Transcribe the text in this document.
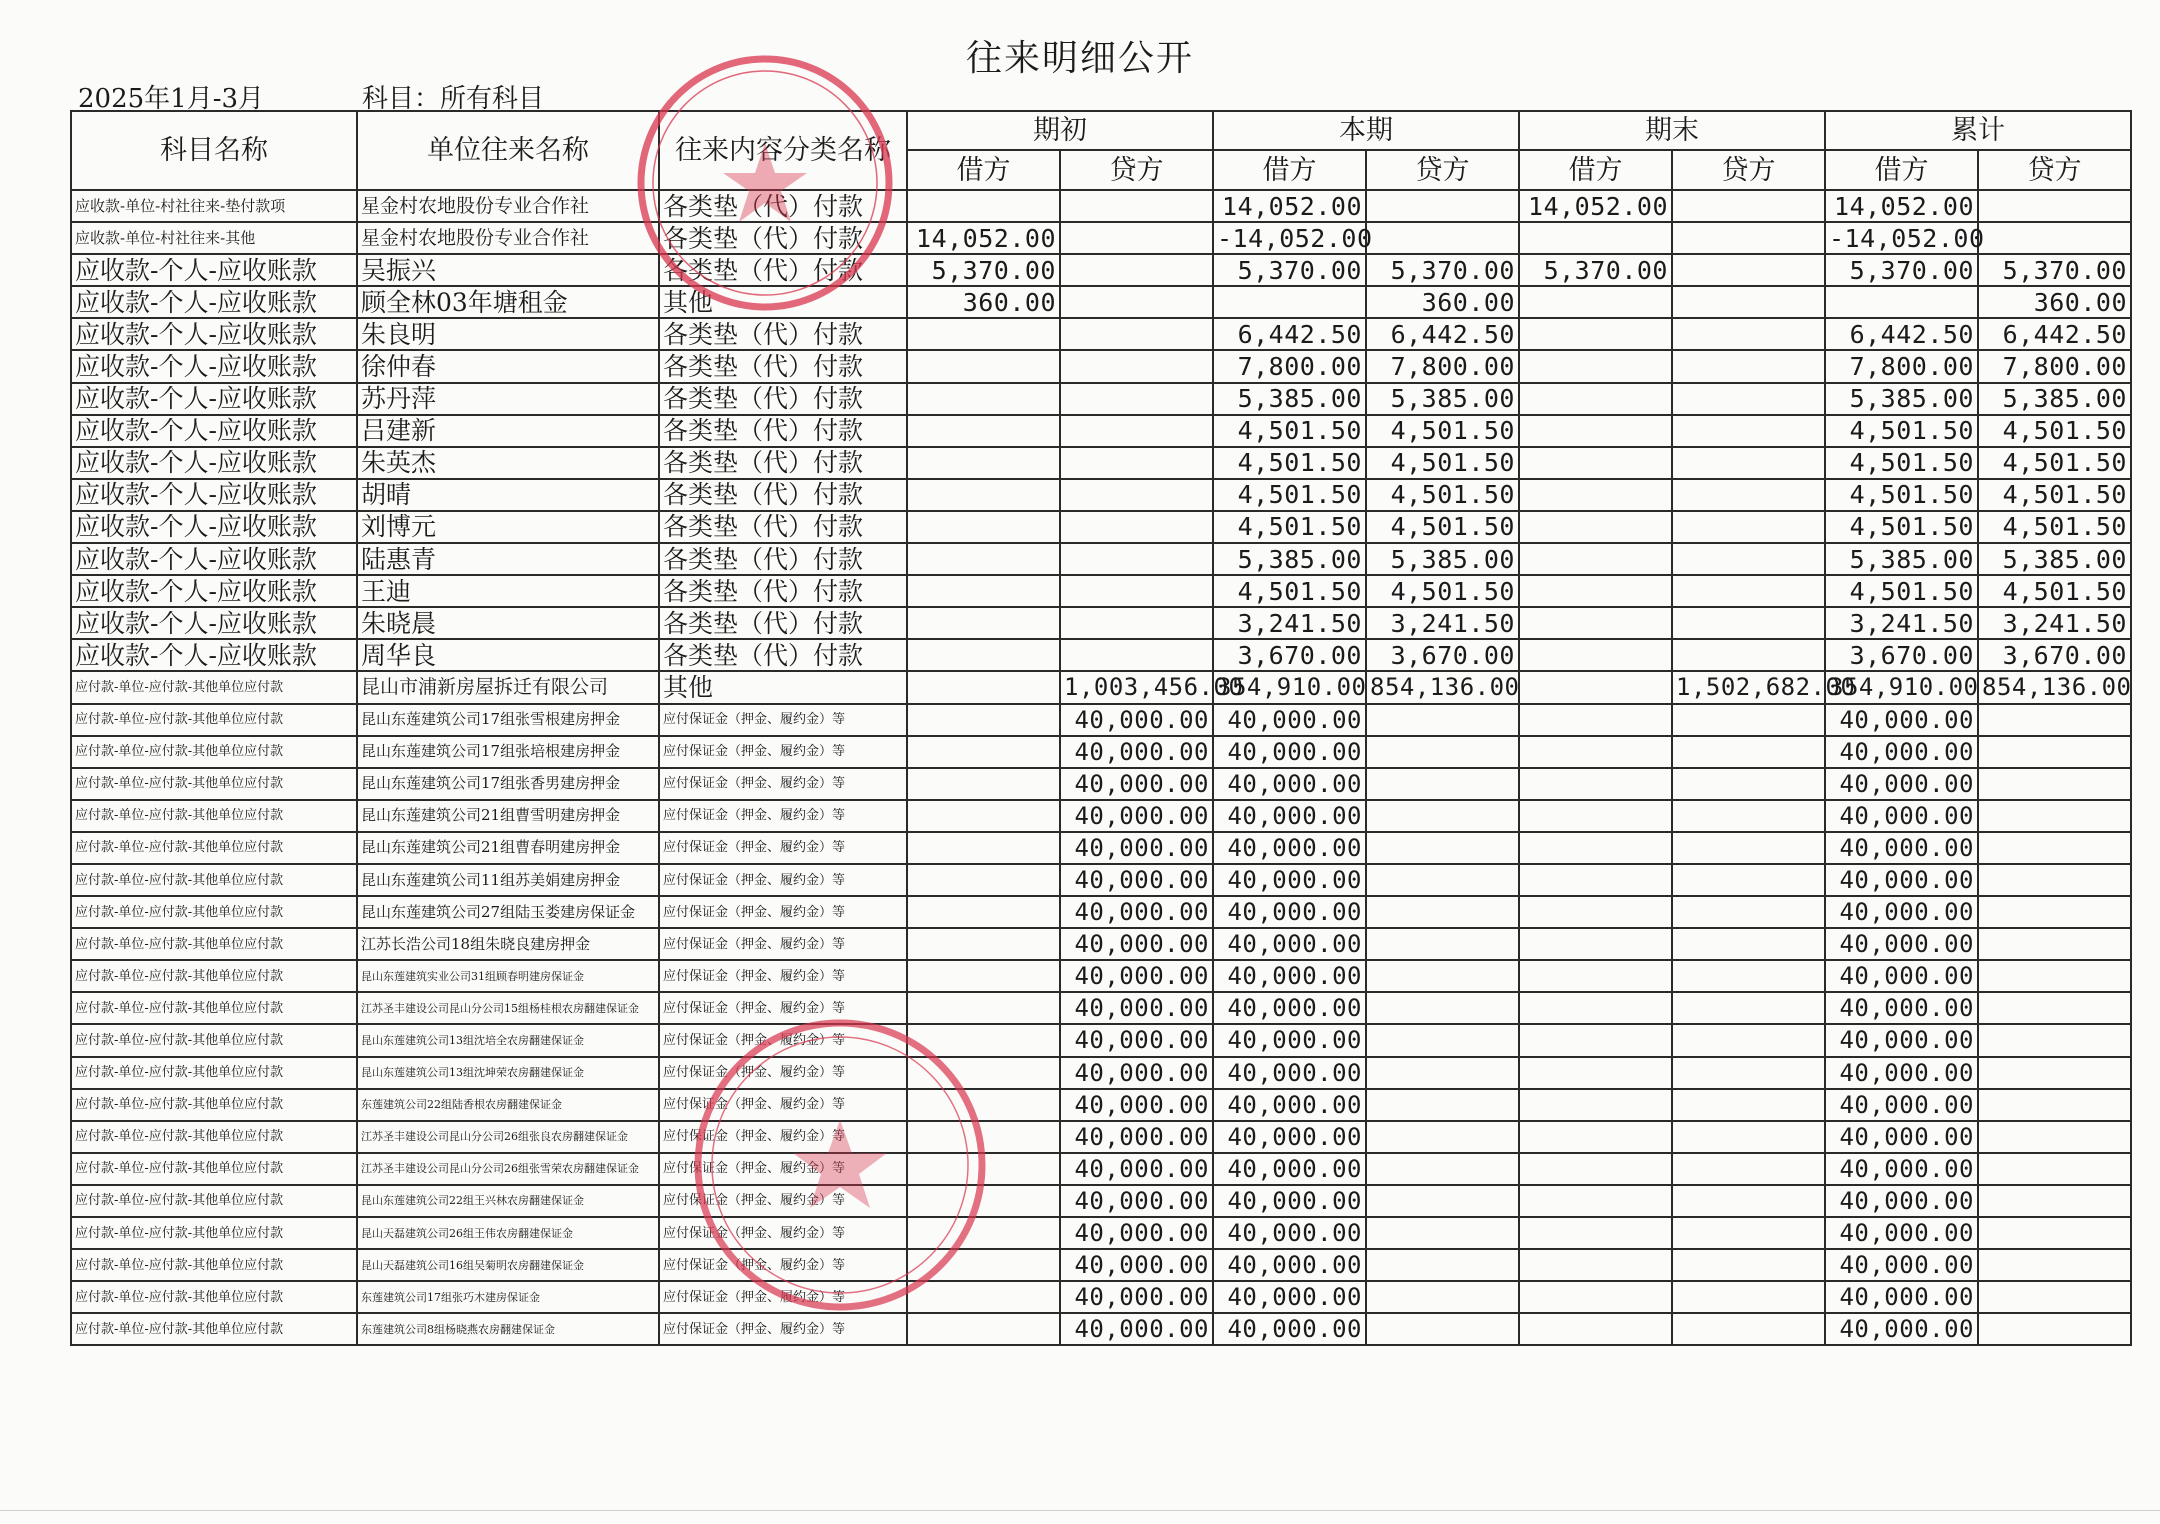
往来明细公开
2025年1月-3月	科目：所有科目
科目名称	单位往来名称	往来内容分类名称	期初		本期		期末		累计	
			借方	贷方	借方	贷方	借方	贷方	借方	贷方
应收款-单位-村社往来-垫付款项	星金村农地股份专业合作社	各类垫（代）付款			14,052.00		14,052.00		14,052.00	
应收款-单位-村社往来-其他	星金村农地股份专业合作社	各类垫（代）付款	14,052.00		-14,052.00				-14,052.00	
应收款-个人-应收账款	吴振兴	各类垫（代）付款	5,370.00		5,370.00	5,370.00	5,370.00		5,370.00	5,370.00
应收款-个人-应收账款	顾全林03年塘租金	其他	360.00			360.00				360.00
应收款-个人-应收账款	朱良明	各类垫（代）付款			6,442.50	6,442.50			6,442.50	6,442.50
应收款-个人-应收账款	徐仲春	各类垫（代）付款			7,800.00	7,800.00			7,800.00	7,800.00
应收款-个人-应收账款	苏丹萍	各类垫（代）付款			5,385.00	5,385.00			5,385.00	5,385.00
应收款-个人-应收账款	吕建新	各类垫（代）付款			4,501.50	4,501.50			4,501.50	4,501.50
应收款-个人-应收账款	朱英杰	各类垫（代）付款			4,501.50	4,501.50			4,501.50	4,501.50
应收款-个人-应收账款	胡晴	各类垫（代）付款			4,501.50	4,501.50			4,501.50	4,501.50
应收款-个人-应收账款	刘博元	各类垫（代）付款			4,501.50	4,501.50			4,501.50	4,501.50
应收款-个人-应收账款	陆惠青	各类垫（代）付款			5,385.00	5,385.00			5,385.00	5,385.00
应收款-个人-应收账款	王迪	各类垫（代）付款			4,501.50	4,501.50			4,501.50	4,501.50
应收款-个人-应收账款	朱晓晨	各类垫（代）付款			3,241.50	3,241.50			3,241.50	3,241.50
应收款-个人-应收账款	周华良	各类垫（代）付款			3,670.00	3,670.00			3,670.00	3,670.00
应付款-单位-应付款-其他单位应付款	昆山市浦新房屋拆迁有限公司	其他		1,003,456.00	354,910.00	854,136.00		1,502,682.00	354,910.00	854,136.00
应付款-单位-应付款-其他单位应付款	昆山东莲建筑公司17组张雪根建房押金	应付保证金（押金、履约金）等		40,000.00	40,000.00				40,000.00	
应付款-单位-应付款-其他单位应付款	昆山东莲建筑公司17组张培根建房押金	应付保证金（押金、履约金）等		40,000.00	40,000.00				40,000.00	
应付款-单位-应付款-其他单位应付款	昆山东莲建筑公司17组张香男建房押金	应付保证金（押金、履约金）等		40,000.00	40,000.00				40,000.00	
应付款-单位-应付款-其他单位应付款	昆山东莲建筑公司21组曹雪明建房押金	应付保证金（押金、履约金）等		40,000.00	40,000.00				40,000.00	
应付款-单位-应付款-其他单位应付款	昆山东莲建筑公司21组曹春明建房押金	应付保证金（押金、履约金）等		40,000.00	40,000.00				40,000.00	
应付款-单位-应付款-其他单位应付款	昆山东莲建筑公司11组苏美娟建房押金	应付保证金（押金、履约金）等		40,000.00	40,000.00				40,000.00	
应付款-单位-应付款-其他单位应付款	昆山东莲建筑公司27组陆玉娄建房保证金	应付保证金（押金、履约金）等		40,000.00	40,000.00				40,000.00	
应付款-单位-应付款-其他单位应付款	江苏长浩公司18组朱晓良建房押金	应付保证金（押金、履约金）等		40,000.00	40,000.00				40,000.00	
应付款-单位-应付款-其他单位应付款	昆山东莲建筑实业公司31组顾春明建房保证金	应付保证金（押金、履约金）等		40,000.00	40,000.00				40,000.00	
应付款-单位-应付款-其他单位应付款	江苏圣丰建设公司昆山分公司15组杨桂根农房翻建保证金	应付保证金（押金、履约金）等		40,000.00	40,000.00				40,000.00	
应付款-单位-应付款-其他单位应付款	昆山东莲建筑公司13组沈培全农房翻建保证金	应付保证金（押金、履约金）等		40,000.00	40,000.00				40,000.00	
应付款-单位-应付款-其他单位应付款	昆山东莲建筑公司13组沈坤荣农房翻建保证金	应付保证金（押金、履约金）等		40,000.00	40,000.00				40,000.00	
应付款-单位-应付款-其他单位应付款	东莲建筑公司22组陆香根农房翻建保证金	应付保证金（押金、履约金）等		40,000.00	40,000.00				40,000.00	
应付款-单位-应付款-其他单位应付款	江苏圣丰建设公司昆山分公司26组张良农房翻建保证金	应付保证金（押金、履约金）等		40,000.00	40,000.00				40,000.00	
应付款-单位-应付款-其他单位应付款	江苏圣丰建设公司昆山分公司26组张雪荣农房翻建保证金	应付保证金（押金、履约金）等		40,000.00	40,000.00				40,000.00	
应付款-单位-应付款-其他单位应付款	昆山东莲建筑公司22组王兴林农房翻建保证金	应付保证金（押金、履约金）等		40,000.00	40,000.00				40,000.00	
应付款-单位-应付款-其他单位应付款	昆山天磊建筑公司26组王伟农房翻建保证金	应付保证金（押金、履约金）等		40,000.00	40,000.00				40,000.00	
应付款-单位-应付款-其他单位应付款	昆山天磊建筑公司16组吴菊明农房翻建保证金	应付保证金（押金、履约金）等		40,000.00	40,000.00				40,000.00	
应付款-单位-应付款-其他单位应付款	东莲建筑公司17组张巧木建房保证金	应付保证金（押金、履约金）等		40,000.00	40,000.00				40,000.00	
应付款-单位-应付款-其他单位应付款	东莲建筑公司8组杨晓燕农房翻建保证金	应付保证金（押金、履约金）等		40,000.00	40,000.00				40,000.00	
